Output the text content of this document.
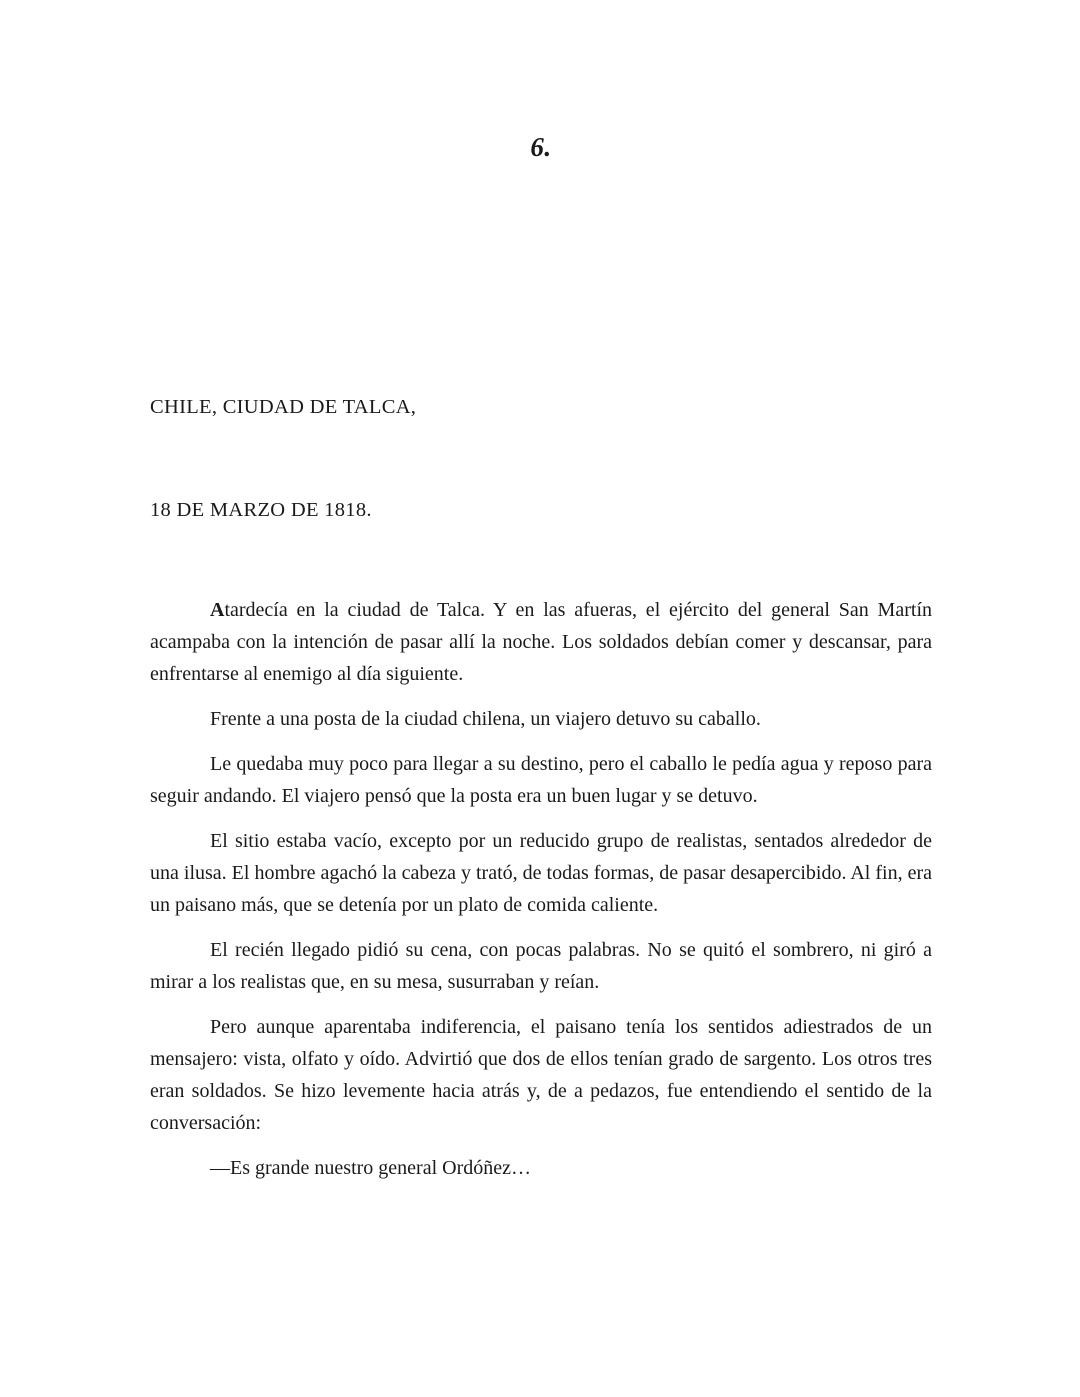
6.
CHILE, CIUDAD DE TALCA,
18 DE MARZO DE 1818.

Atardecía en la ciudad de Talca. Y en las afueras, el ejército del general San Martín acampaba con la intención de pasar allí la noche. Los soldados debían comer y descansar, para enfrentarse al enemigo al día siguiente.

Frente a una posta de la ciudad chilena, un viajero detuvo su caballo.

Le quedaba muy poco para llegar a su destino, pero el caballo le pedía agua y reposo para seguir andando. El viajero pensó que la posta era un buen lugar y se detuvo.

El sitio estaba vacío, excepto por un reducido grupo de realistas, sentados alrededor de una ilusa. El hombre agachó la cabeza y trató, de todas formas, de pasar desapercibido. Al fin, era un paisano más, que se detenía por un plato de comida caliente.

El recién llegado pidió su cena, con pocas palabras. No se quitó el sombrero, ni giró a mirar a los realistas que, en su mesa, susurraban y reían.

Pero aunque aparentaba indiferencia, el paisano tenía los sentidos adiestrados de un mensajero: vista, olfato y oído. Advirtió que dos de ellos tenían grado de sargento. Los otros tres eran soldados. Se hizo levemente hacia atrás y, de a pedazos, fue entendiendo el sentido de la conversación:

—Es grande nuestro general Ordóñez…
